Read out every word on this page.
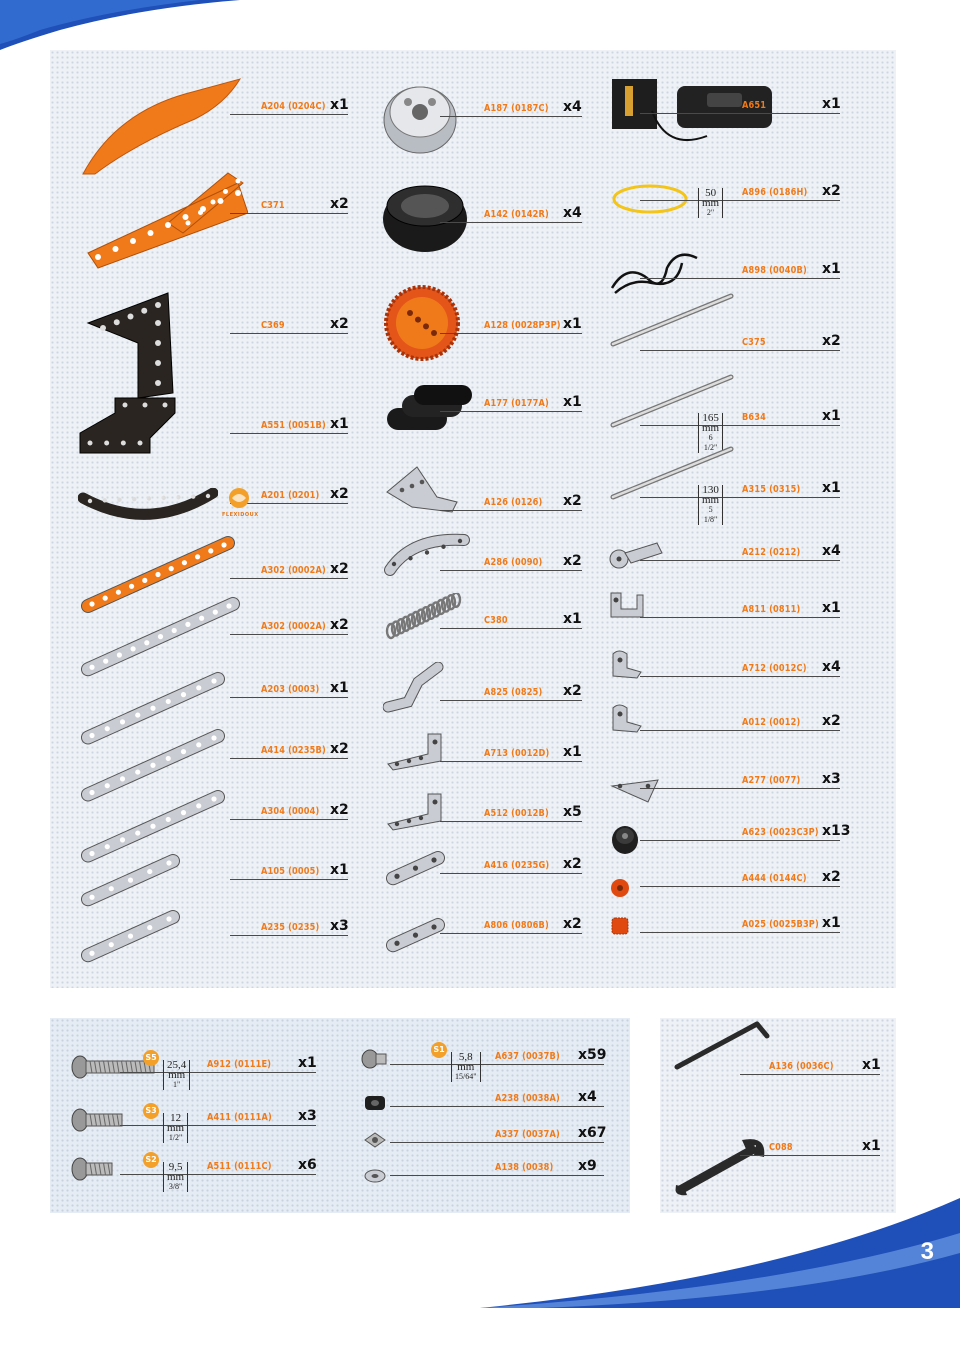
3
A204 (0204C) x1
C371	x2
C369	x2
A551 (0051B) x1
A201 (0201) x2
A302 (0002A) x2
A302 (0002A) x2
A203 (0003) x1
A414 (0235B) x2
A304 (0004) x2
A105 (0005) x1
A235 (0235) x3
A187 (0187C) x4
A142 (0142R) x4
A128 (0028P3P) x1
A177 (0177A) x1
A126 (0126) x2
A286 (0090) x2
C380	x1
A825 (0825) x2
A713 (0012D) x1
A512 (0012B) x5
A416 (0235G) x2
A806 (0806B) x2
A651	x1
A896 (0186H) x2
50 mm
2"
A898 (0040B) x1
C375	x2
B634	x1
165 mm
6 1/2"
A315 (0315) x1
130 mm
5 1/8"
A212 (0212) x4
A811 (0811) x1
A712 (0012C) x4
A012 (0012) x2
A277 (0077) x3
A623 (0023C3P) x13
A444 (0144C) x2
A025 (0025B3P) x1
A912 (0111E) x1
25,4 mm
1"
S5
A411 (0111A) x3
12 mm
1/2"
S3
A511 (0111C) x6
9,5 mm
3/8"
S2
A637 (0037B) x59
5,8 mm
15/64"
S1
A238 (0038A) x4
A337 (0037A) x67
A138 (0038) x9
A136 (0036C) x1
C088	x1
FLEXIDOUX
